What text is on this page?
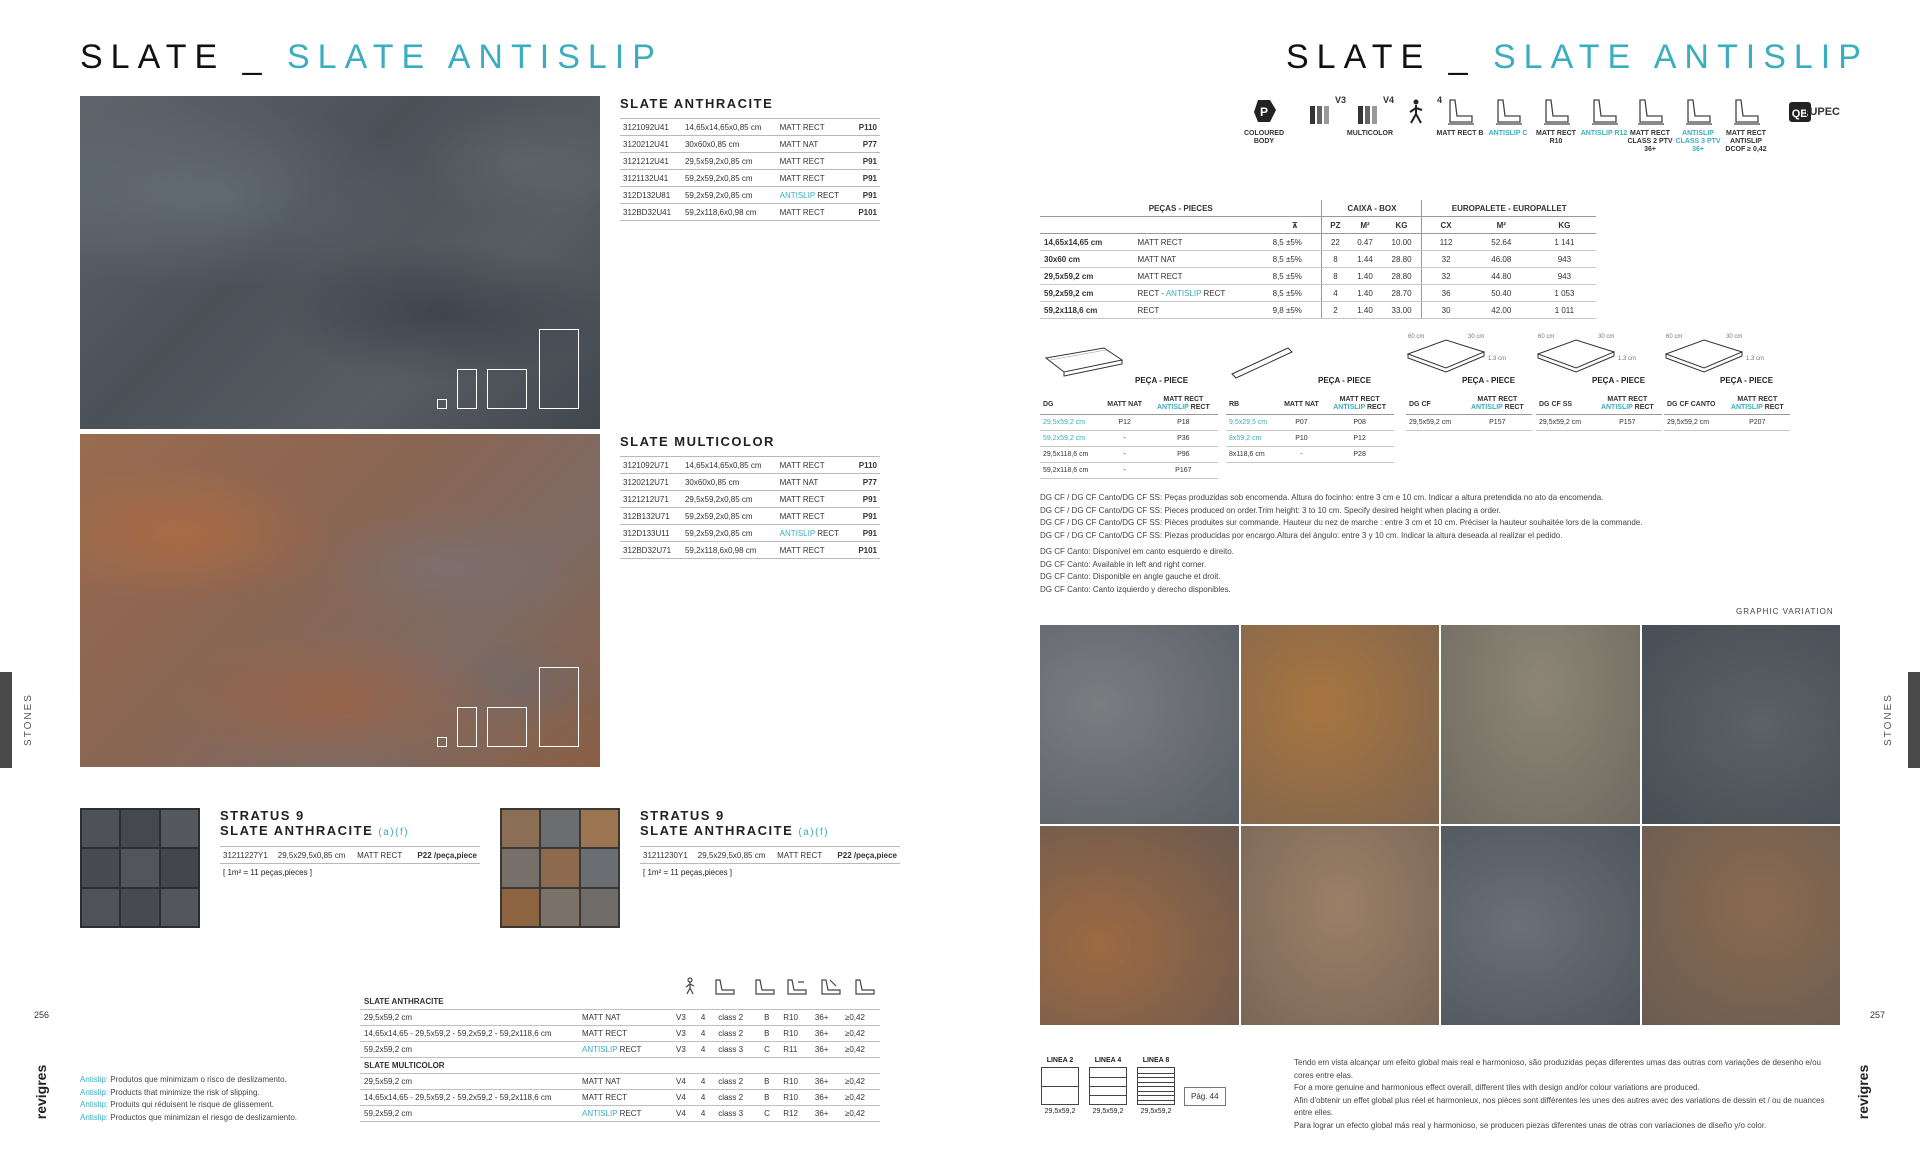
SLATE _ SLATE ANTISLIP
SLATE ANTHRACITE
3121092U41	14,65x14,65x0,85 cm	MATT RECT	P110
3120212U41	30x60x0,85 cm	MATT NAT	P77
3121212U41	29,5x59,2x0,85 cm	MATT RECT	P91
3121132U41	59,2x59,2x0,85 cm	MATT RECT	P91
312D132U81	59,2x59,2x0,85 cm	ANTISLIP RECT	P91
312BD32U41	59,2x118,6x0,98 cm	MATT RECT	P101
SLATE MULTICOLOR
3121092U71	14,65x14,65x0,85 cm	MATT RECT	P110
3120212U71	30x60x0,85 cm	MATT NAT	P77
3121212U71	29,5x59,2x0,85 cm	MATT RECT	P91
312B132U71	59,2x59,2x0,85 cm	MATT RECT	P91
312D133U11	59,2x59,2x0,85 cm	ANTISLIP RECT	P91
312BD32U71	59,2x118,6x0,98 cm	MATT RECT	P101
STRATUS 9
SLATE ANTHRACITE (a)(f)
31211227Y1	29,5x29,5x0,85 cm	MATT RECT	P22 /peça,piece
[ 1m² = 11 peças,pieces ]
STRATUS 9
SLATE ANTHRACITE (a)(f)
31211230Y1	29,5x29,5x0,85 cm	MATT RECT	P22 /peça,piece
[ 1m² = 11 peças,pieces ]
SLATE ANTHRACITE								
29,5x59,2 cm	MATT NAT	V3	4	class 2	B	R10	36+	≥0,42
14,65x14,65 - 29,5x59,2 - 59,2x59,2 - 59,2x118,6 cm	MATT RECT	V3	4	class 2	B	R10	36+	≥0,42
59,2x59,2 cm	ANTISLIP RECT	V3	4	class 3	C	R11	36+	≥0,42
SLATE MULTICOLOR								
29,5x59,2 cm	MATT NAT	V4	4	class 2	B	R10	36+	≥0,42
14,65x14,65 - 29,5x59,2 - 59,2x59,2 - 59,2x118,6 cm	MATT RECT	V4	4	class 2	B	R10	36+	≥0,42
59,2x59,2 cm	ANTISLIP RECT	V4	4	class 3	C	R12	36+	≥0,42
Antislip: Produtos que minimizam o risco de deslizamento.
Antislip: Products that minimize the risk of slipping.
Antislip: Produits qui réduisent le risque de glissement.
Antislip: Productos que minimizan el riesgo de deslizamiento.
STONES
256
revigres
SLATE _ SLATE ANTISLIP
P
COLOURED BODY
V3	V4
MULTICOLOR
4
MATT RECT B ANTISLIP C	MATT RECT R10
ANTISLIP R12 MATT RECT CLASS 2 PTV 36+
ANTISLIP CLASS 3 PTV 36+
MATT RECT ANTISLIP DCOF ≥ 0,42
QB UPEC
PEÇAS - PIECES			CAIXA - BOX			EUROPALETE - EUROPALLET		
		⊼	PZ	M²	KG	CX	M²	KG
14,65x14,65 cm	MATT RECT	8,5 ±5%	22	0.47	10.00	112	52.64	1 141
30x60 cm	MATT NAT	8,5 ±5%	8	1.44	28.80	32	46.08	943
29,5x59,2 cm	MATT RECT	8,5 ±5%	8	1.40	28.80	32	44.80	943
59,2x59,2 cm	RECT - ANTISLIP RECT	8,5 ±5%	4	1.40	28.70	36	50.40	1 053
59,2x118,6 cm	RECT	9,8 ±5%	2	1.40	33.00	30	42.00	1 011
PEÇA - PIECE
DG	MATT NAT	MATT RECT
ANTISLIP RECT

29,5x59,2 cm	P12	P18
59,2x59,2 cm	-	P36
29,5x118,6 cm	-	P96
59,2x118,6 cm	-	P167
PEÇA - PIECE
RB	MATT NAT	MATT RECT
ANTISLIP RECT

9,5x29,5 cm	P07	P08
8x59,2 cm	P10	P12
8x118,6 cm	-	P28
60 cm	30 cm
1.3 cm
PEÇA - PIECE
DG CF	MATT RECT
ANTISLIP RECT

29,5x59,2 cm	P157
60 cm	30 cm
1.3 cm
PEÇA - PIECE
DG CF SS	MATT RECT
ANTISLIP RECT

29,5x59,2 cm	P157
60 cm	30 cm
1.3 cm
PEÇA - PIECE
DG CF CANTO	MATT RECT
ANTISLIP RECT

29,5x59,2 cm	P207
DG CF / DG CF Canto/DG CF SS: Peças produzidas sob encomenda. Altura do focinho: entre 3 cm e 10 cm. Indicar a altura pretendida no ato da encomenda.
DG CF / DG CF Canto/DG CF SS: Pieces produced on order.Trim height: 3 to 10 cm. Specify desired height when placing a order.
DG CF / DG CF Canto/DG CF SS: Pièces produites sur commande. Hauteur du nez de marche : entre 3 cm et 10 cm. Préciser la hauteur souhaitée lors de la commande.
DG CF / DG CF Canto/DG CF SS: Piezas producidas por encargo.Altura del ángulo: entre 3 y 10 cm. Indicar la altura deseada al realizar el pedido.
DG CF Canto: Disponível em canto esquerdo e direito.
DG CF Canto: Available in left and right corner.
DG CF Canto: Disponible en angle gauche et droit.
DG CF Canto: Canto izquierdo y derecho disponibles.
GRAPHIC VARIATION
LINEA 2
29,5x59,2
LINEA 4
29,5x59,2
LINEA 8
29,5x59,2
Pág. 44
Tendo em vista alcançar um efeito global mais real e harmonioso, são produzidas peças diferentes umas das outras com variações de desenho e/ou cores entre elas.
For a more genuine and harmonious effect overall, different tiles with design and/or colour variations are produced.
Afin d'obtenir un effet global plus réel et harmonieux, nos pièces sont différentes les unes des autres avec des variations de dessin et / ou de nuances entre elles.
Para lograr un efecto global más real y harmonioso, se producen piezas diferentes unas de otras con variaciones de diseño y/o color.
STONES
257
revigres
